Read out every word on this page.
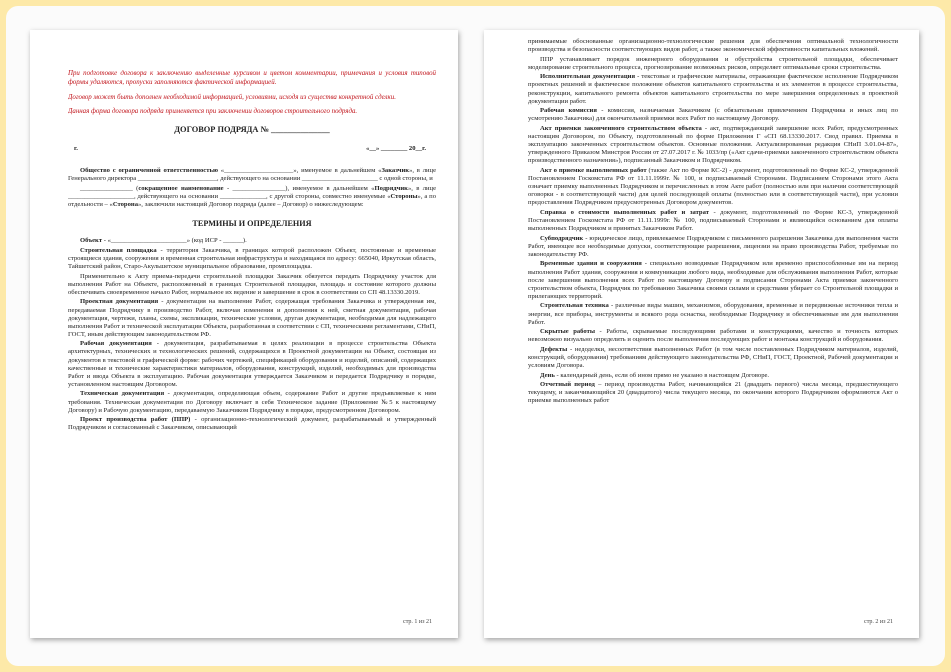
При подготовке договора к заключению выделенные курсивом и цветом комментарии, примечания и условия типовой формы удаляются, пропуски заполняются фактической информацией.

Договор может быть дополнен необходимой информацией, условиями, исходя из существа конкретной сделки.

Данная форма договора подряда применяется при заключении договоров строительного подряда.

ДОГОВОР ПОДРЯДА № ______________

г.	«__» ________ 20__г.

Общество с ограниченной ответственностью «_____________________», именуемое в дальнейшем «Заказчик», в лице Генерального директора ________________________, действующего на основании _______________________ с одной стороны, и

________________ (сокращенное наименование - ________________), именуемое в дальнейшем «Подрядчик», в лице ____________________, действующего на основании ______________, с другой стороны, совместно именуемые «Стороны», а по отдельности – «Сторона», заключили настоящий Договор подряда (далее – Договор) о нижеследующем:

ТЕРМИНЫ И ОПРЕДЕЛЕНИЯ

Объект - «_______________________» (код ИСР - ______).

Строительная площадка - территория Заказчика, в границах которой расположен Объект, постоянные и временные строящиеся здания, сооружения и временная строительная инфраструктура и находящаяся по адресу: 665040, Иркутская область, Тайшетский район, Старо-Акульшетское муниципальное образование, промплощадка.

Применительно к Акту приема-передачи строительной площадки Заказчик обязуется передать Подрядчику участок для выполнения Работ на Объекте, расположенный в границах Строительной площадки, площадь и состояние которого должны обеспечивать своевременное начало Работ, нормальное их ведение и завершение в срок в соответствии со СП 48.13330.2019.

Проектная документация - документация на выполнение Работ, содержащая требования Заказчика и утвержденная им, передаваемая Подрядчику в производство Работ, включая изменения и дополнения к ней, сметная документация, рабочая документация, чертежи, планы, схемы, экспликации, технические условия, другая документация, необходимая для надлежащего выполнения Работ и технической эксплуатации Объекта, разработанная в соответствии с СП, техническими регламентами, СНиП, ГОСТ, иным действующим законодательством РФ.

Рабочая документация - документация, разрабатываемая в целях реализации в процессе строительства Объекта архитектурных, технических и технологических решений, содержащихся в Проектной документации на Объект, состоящая из документов в текстовой и графической форме: рабочих чертежей, спецификаций оборудования и изделий, описаний, содержащих качественные и технические характеристики материалов, оборудования, конструкций, изделий, необходимых для производства Работ и ввода Объекта в эксплуатацию. Рабочая документация утверждается Заказчиком и передается Подрядчику в порядке, установленном настоящим Договором.

Техническая документация - документация, определяющая объем, содержание Работ и другие предъявляемые к ним требования. Техническая документация по Договору включает в себя Техническое задание (Приложение №5 к настоящему Договору) и Рабочую документацию, передаваемую Заказчиком Подрядчику в порядке, предусмотренном Договором.

Проект производства работ (ППР) - организационно-технологический документ, разрабатываемый и утвержденный Подрядчиком и согласованный с Заказчиком, описывающий

стр. 1 из 21

принимаемые обоснованные организационно-технологические решения для обеспечения оптимальной технологичности производства и безопасности соответствующих видов работ, а также экономической эффективности капитальных вложений.

ППР устанавливает порядок инженерного оборудования и обустройства строительной площадки, обеспечивает моделирование строительного процесса, прогнозирование возможных рисков, определяет оптимальные сроки строительства.

Исполнительная документация - текстовые и графические материалы, отражающие фактическое исполнение Подрядчиком проектных решений и фактическое положение объектов капитального строительства и их элементов в процессе строительства, реконструкции, капитального ремонта объектов капитального строительства по мере завершения определенных в проектной документации работ.

Рабочая комиссия - комиссия, назначаемая Заказчиком (с обязательным привлечением Подрядчика и иных лиц по усмотрению Заказчика) для окончательной приемки всех Работ по настоящему Договору.

Акт приемки законченного строительством объекта - акт, подтверждающий завершение всех Работ, предусмотренных настоящим Договором, по Объекту, подготовленный по форме Приложения Г «СП 68.13330.2017. Свод правил. Приемка в эксплуатацию законченных строительством объектов. Основные положения. Актуализированная редакция СНиП 3.01.04-87», утвержденного Приказом Минстроя России от 27.07.2017 г. № 1033/пр («Акт сдачи-приемки законченного строительством объекта производственного назначения»), подписанный Заказчиком и Подрядчиком.

Акт о приемке выполненных работ (также Акт по Форме КС-2) - документ, подготовленный по Форме КС-2, утвержденной Постановлением Госкомстата РФ от 11.11.1999г. № 100, и подписываемый Сторонами. Подписанием Сторонами этого Акта означает приемку выполненных Подрядчиком и перечисленных в этом Акте работ (полностью или при наличии соответствующей оговорки - в соответствующей части) для целей последующей оплаты (полностью или в соответствующей части), при условии предоставления Подрядчиком предусмотренных Договором документов.

Справка о стоимости выполненных работ и затрат - документ, подготовленный по Форме КС-3, утвержденной Постановлением Госкомстата РФ от 11.11.1999г. № 100, подписываемый Сторонами и являющийся основанием для оплаты выполненных Подрядчиком и принятых Заказчиком Работ.

Субподрядчик - юридическое лицо, привлекаемое Подрядчиком с письменного разрешения Заказчика для выполнения части Работ, имеющее все необходимые допуски, соответствующие разрешения, лицензии на право производства Работ, требуемые по законодательству РФ.

Временные здания и сооружения - специально возводимые Подрядчиком или временно приспособленные им на период выполнения Работ здания, сооружения и коммуникации любого вида, необходимые для обслуживания выполнения Работ, которые после завершения выполнения всех Работ по настоящему Договору и подписания Сторонами Акта приемки законченного строительством объекта, Подрядчик по требованию Заказчика своими силами и средствами убирает со Строительной площадки и прилегающих территорий.

Строительная техника - различные виды машин, механизмов, оборудования, временные и передвижные источники тепла и энергии, все приборы, инструменты и всякого рода оснастка, необходимые Подрядчику и обеспечиваемые им для выполнения Работ.

Скрытые работы - Работы, скрываемые последующими работами и конструкциями, качество и точность которых невозможно визуально определить и оценить после выполнения последующих работ и монтажа конструкций и оборудования.

Дефекты - недоделки, несоответствия выполненных Работ (в том числе поставленных Подрядчиком материалов, изделий, конструкций, оборудования) требованиям действующего законодательства РФ, СНиП, ГОСТ, Проектной, Рабочей документации и условиям Договора.

День - календарный день, если об ином прямо не указано в настоящем Договоре.

Отчетный период – период производства Работ, начинающийся 21 (двадцать первого) числа месяца, предшествующего текущему, и заканчивающийся 20 (двадцатого) числа текущего месяца, по окончании которого Подрядчиком оформляются Акт о приемке выполненных работ

стр. 2 из 21
